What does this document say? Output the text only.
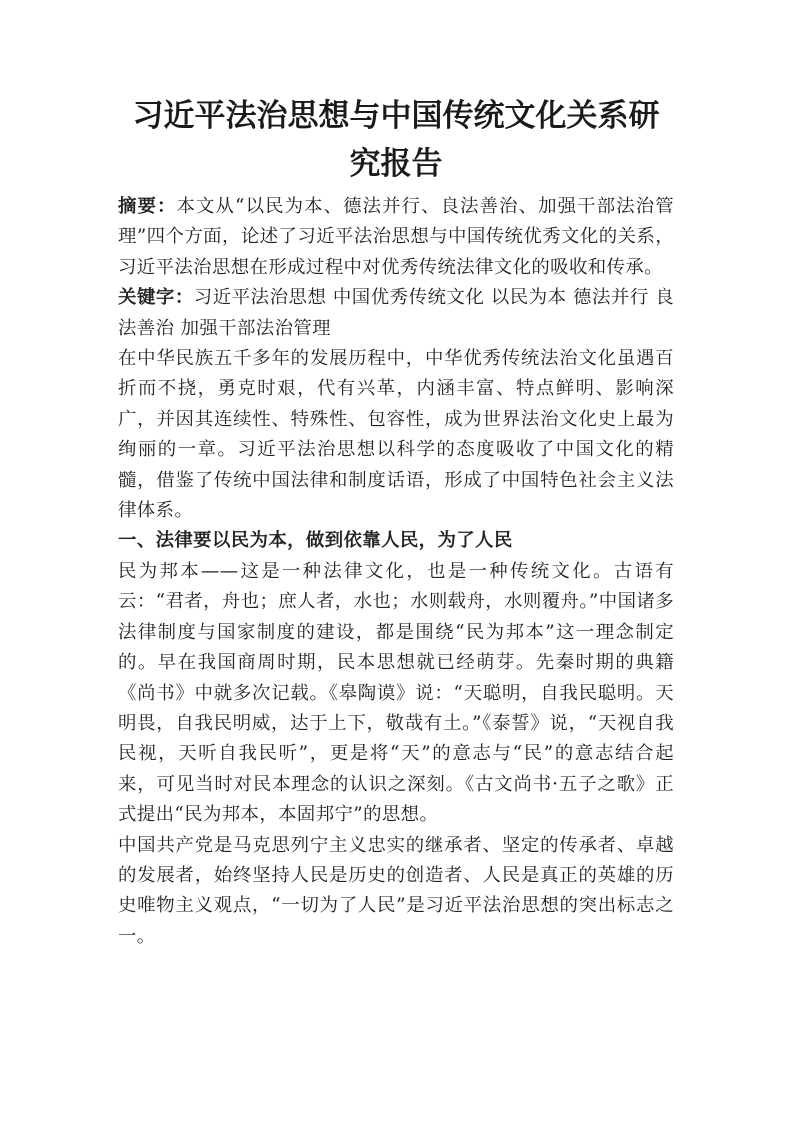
习近平法治思想与中国传统文化关系研究报告

摘要：本文从“以民为本、德法并行、良法善治、加强干部法治管理”四个方面，论述了习近平法治思想与中国传统优秀文化的关系，习近平法治思想在形成过程中对优秀传统法律文化的吸收和传承。

关键字：习近平法治思想 中国优秀传统文化 以民为本 德法并行 良法善治 加强干部法治管理

在中华民族五千多年的发展历程中，中华优秀传统法治文化虽遇百折而不挠，勇克时艰，代有兴革，内涵丰富、特点鲜明、影响深广，并因其连续性、特殊性、包容性，成为世界法治文化史上最为绚丽的一章。习近平法治思想以科学的态度吸收了中国文化的精髓，借鉴了传统中国法律和制度话语，形成了中国特色社会主义法律体系。

一、法律要以民为本，做到依靠人民，为了人民

民为邦本——这是一种法律文化，也是一种传统文化。古语有云：“君者，舟也；庶人者，水也；水则载舟，水则覆舟。”中国诸多法律制度与国家制度的建设，都是围绕“民为邦本”这一理念制定的。早在我国商周时期，民本思想就已经萌芽。先秦时期的典籍《尚书》中就多次记载。《皋陶谟》说：“天聪明，自我民聪明。天明畏，自我民明威，达于上下，敬哉有土。”《泰誓》说，“天视自我民视，天听自我民听”，更是将“天”的意志与“民”的意志结合起来，可见当时对民本理念的认识之深刻。《古文尚书·五子之歌》正式提出“民为邦本，本固邦宁”的思想。

中国共产党是马克思列宁主义忠实的继承者、坚定的传承者、卓越的发展者，始终坚持人民是历史的创造者、人民是真正的英雄的历史唯物主义观点，“一切为了人民”是习近平法治思想的突出标志之一。
